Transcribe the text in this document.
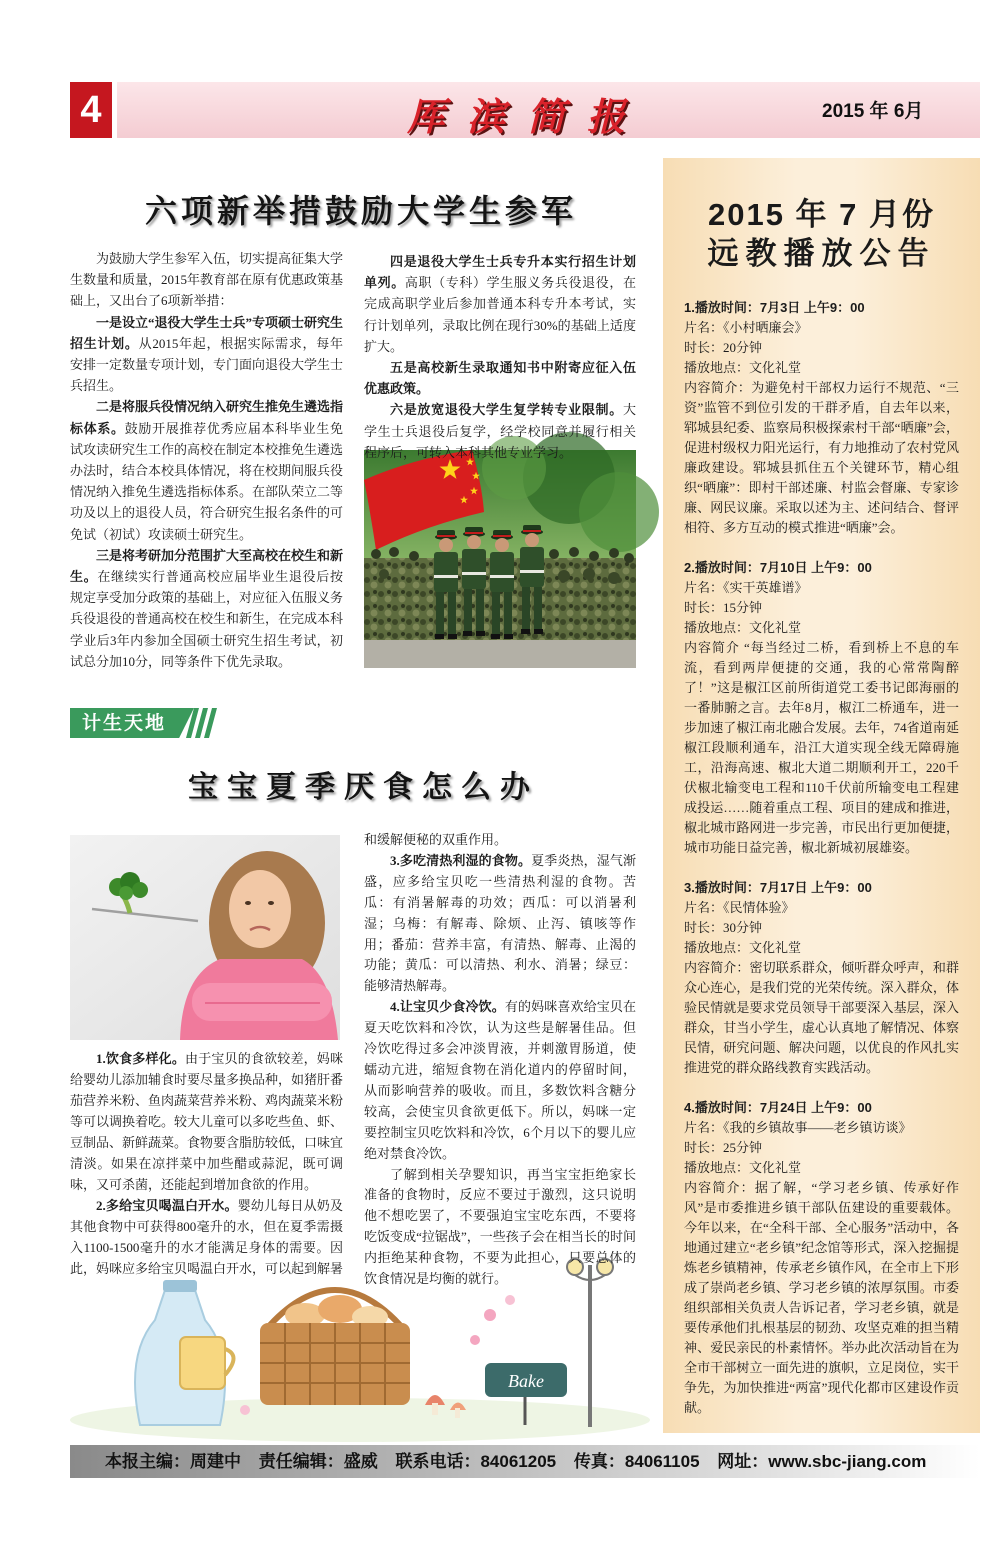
4	厍滨简报	2015 年 6月
六项新举措鼓励大学生参军

为鼓励大学生参军入伍，切实提高征集大学生数量和质量，2015年教育部在原有优惠政策基础上，又出台了6项新举措：

一是设立“退役大学生士兵”专项硕士研究生招生计划。从2015年起，根据实际需求，每年安排一定数量专项计划，专门面向退役大学生士兵招生。

二是将服兵役情况纳入研究生推免生遴选指标体系。鼓励开展推荐优秀应届本科毕业生免试攻读研究生工作的高校在制定本校推免生遴选办法时，结合本校具体情况，将在校期间服兵役情况纳入推免生遴选指标体系。在部队荣立二等功及以上的退役人员，符合研究生报名条件的可免试（初试）攻读硕士研究生。

三是将考研加分范围扩大至高校在校生和新生。在继续实行普通高校应届毕业生退役后按规定享受加分政策的基础上，对应征入伍服义务兵役退役的普通高校在校生和新生，在完成本科学业后3年内参加全国硕士研究生招生考试，初试总分加10分，同等条件下优先录取。

四是退役大学生士兵专升本实行招生计划单列。高职（专科）学生服义务兵役退役，在完成高职学业后参加普通本科专升本考试，实行计划单列，录取比例在现行30%的基础上适度扩大。

五是高校新生录取通知书中附寄应征入伍优惠政策。

六是放宽退役大学生复学转专业限制。大学生士兵退役后复学，经学校同意并履行相关程序后，可转入本科其他专业学习。

计生天地
宝宝夏季厌食怎么办
Bake

1.饮食多样化。由于宝贝的食欲较差，妈咪给婴幼儿添加辅食时要尽量多换品种，如猪肝番茄营养米粉、鱼肉蔬菜营养米粉、鸡肉蔬菜米粉等可以调换着吃。较大儿童可以多吃些鱼、虾、豆制品、新鲜蔬菜。食物要含脂肪较低，口味宜清淡。如果在凉拌菜中加些醋或蒜泥，既可调味，又可杀菌，还能起到增加食欲的作用。

2.多给宝贝喝温白开水。婴幼儿每日从奶及其他食物中可获得800毫升的水，但在夏季需摄入1100-1500毫升的水才能满足身体的需要。因此，妈咪应多给宝贝喝温白开水，可以起到解暑

和缓解便秘的双重作用。

3.多吃清热利湿的食物。夏季炎热，湿气渐盛，应多给宝贝吃一些清热利湿的食物。苦瓜：有消暑解毒的功效；西瓜：可以消暑利湿；乌梅：有解毒、除烦、止泻、镇咳等作用；番茄：营养丰富，有清热、解毒、止渴的功能；黄瓜：可以清热、利水、消暑；绿豆：能够清热解毒。

4.让宝贝少食冷饮。有的妈咪喜欢给宝贝在夏天吃饮料和冷饮，认为这些是解暑佳品。但冷饮吃得过多会冲淡胃液，并刺激胃肠道，使蠕动亢进，缩短食物在消化道内的停留时间，从而影响营养的吸收。而且，多数饮料含糖分较高，会使宝贝食欲更低下。所以，妈咪一定要控制宝贝吃饮料和冷饮，6个月以下的婴儿应绝对禁食冷饮。

了解到相关孕婴知识，再当宝宝拒绝家长准备的食物时，反应不要过于激烈，这只说明他不想吃罢了，不要强迫宝宝吃东西，不要将吃饭变成“拉锯战”，一些孩子会在相当长的时间内拒绝某种食物，不要为此担心，只要总体的饮食情况是均衡的就行。

2015 年 7 月份
远教播放公告
1.播放时间：7月3日 上午9：00
片名：《小村晒廉会》
时长：20分钟
播放地点：文化礼堂
内容简介：为避免村干部权力运行不规范、“三资”监管不到位引发的干群矛盾，自去年以来，郓城县纪委、监察局积极探索村干部“晒廉”会，促进村级权力阳光运行，有力地推动了农村党风廉政建设。郓城县抓住五个关键环节，精心组织“晒廉”：即村干部述廉、村监会督廉、专家诊廉、网民议廉。采取以述为主、述问结合、督评相符、多方互动的模式推进“晒廉”会。
2.播放时间：7月10日 上午9：00
片名：《实干英雄谱》
时长：15分钟
播放地点：文化礼堂
内容简介 “每当经过二桥，看到桥上不息的车流，看到两岸便捷的交通，我的心常常陶醉了！”这是椒江区前所街道党工委书记郎海丽的一番肺腑之言。去年8月，椒江二桥通车，进一步加速了椒江南北融合发展。去年，74省道南延椒江段顺利通车，沿江大道实现全线无障碍施工，沿海高速、椒北大道二期顺利开工，220千伏椒北输变电工程和110千伏前所输变电工程建成投运……随着重点工程、项目的建成和推进，椒北城市路网进一步完善，市民出行更加便捷，城市功能日益完善，椒北新城初展雄姿。
3.播放时间：7月17日 上午9：00
片名：《民情体验》
时长：30分钟
播放地点：文化礼堂
内容简介：密切联系群众，倾听群众呼声，和群众心连心，是我们党的光荣传统。深入群众，体验民情就是要求党员领导干部要深入基层，深入群众，甘当小学生，虚心认真地了解情况、体察民情，研究问题、解决问题，以优良的作风扎实推进党的群众路线教育实践活动。
4.播放时间：7月24日 上午9：00
片名：《我的乡镇故事——老乡镇访谈》
时长：25分钟
播放地点：文化礼堂
内容简介：据了解，“学习老乡镇、传承好作风”是市委推进乡镇干部队伍建设的重要载体。今年以来，在“全科干部、全心服务”活动中，各地通过建立“老乡镇”纪念馆等形式，深入挖掘提炼老乡镇精神，传承老乡镇作风，在全市上下形成了崇尚老乡镇、学习老乡镇的浓厚氛围。市委组织部相关负责人告诉记者，学习老乡镇，就是要传承他们扎根基层的韧劲、攻坚克难的担当精神、爱民亲民的朴素情怀。举办此次活动旨在为全市干部树立一面先进的旗帜，立足岗位，实干争先，为加快推进“两富”现代化都市区建设作贡献。
本报主编：周建中 责任编辑：盛威 联系电话：84061205 传真：84061105 网址：www.sbc-jiang.com
